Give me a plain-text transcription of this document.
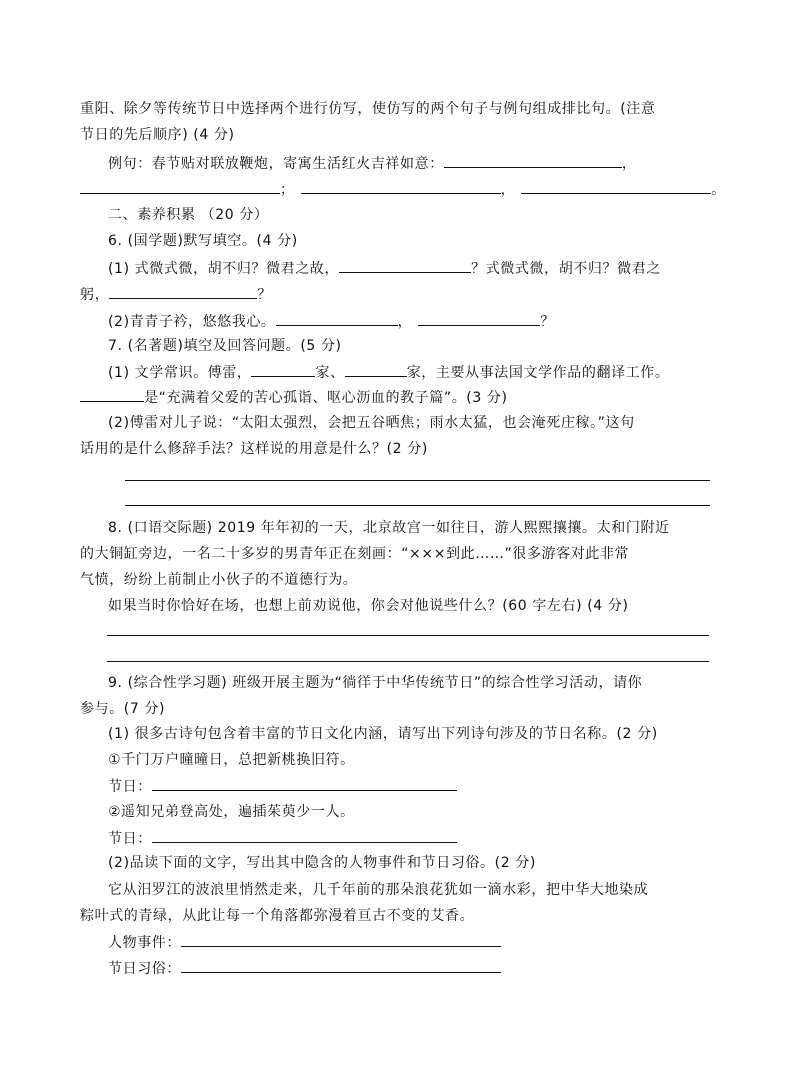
重阳、除夕等传统节日中选择两个进行仿写，使仿写的两个句子与例句组成排比句。(注意
节日的先后顺序) (4 分)
例句：春节贴对联放鞭炮，寄寓生活红火吉祥如意：	，
；	，	。
二、素养积累 （20 分）
6. (国学题)默写填空。(4 分)
(1) 式微式微，胡不归？微君之故，	？式微式微，胡不归？微君之
躬，	？
(2)青青子衿，悠悠我心。	，	？
7. (名著题)填空及回答问题。(5 分)
(1) 文学常识。傅雷，	家、	家，主要从事法国文学作品的翻译工作。
是“充满着父爱的苦心孤诣、呕心沥血的教子篇”。(3 分)
(2)傅雷对儿子说：“太阳太强烈，会把五谷晒焦；雨水太猛，也会淹死庄稼。”这句
话用的是什么修辞手法？这样说的用意是什么？(2 分)
8. (口语交际题) 2019 年年初的一天，北京故宫一如往日，游人熙熙攘攘。太和门附近
的大铜缸旁边，一名二十多岁的男青年正在刻画：“×××到此……”很多游客对此非常
气愤，纷纷上前制止小伙子的不道德行为。
如果当时你恰好在场，也想上前劝说他，你会对他说些什么？(60 字左右) (4 分)
9. (综合性学习题) 班级开展主题为“徜徉于中华传统节日”的综合性学习活动，请你
参与。(7 分)
(1) 很多古诗句包含着丰富的节日文化内涵，请写出下列诗句涉及的节日名称。(2 分)
①千门万户曈曈日，总把新桃换旧符。
节日：
②遥知兄弟登高处，遍插茱萸少一人。
节日：
(2)品读下面的文字，写出其中隐含的人物事件和节日习俗。(2 分)
它从汨罗江的波浪里悄然走来，几千年前的那朵浪花犹如一滴水彩，把中华大地染成
粽叶式的青绿，从此让每一个角落都弥漫着亘古不变的艾香。
人物事件：
节日习俗：
